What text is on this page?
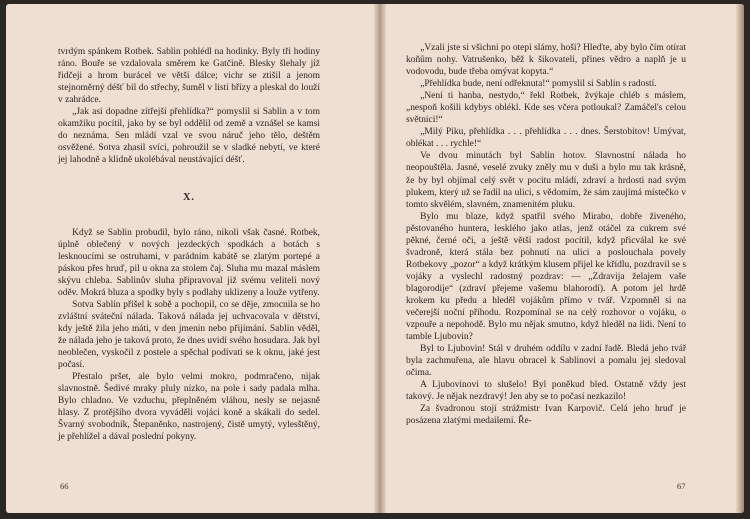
tvrdým spánkem Rotbek. Sablin pohlédl na hodinky. Byly tři hodiny ráno. Bouře se vzdalovala směrem ke Gatčině. Blesky šlehaly již řidčeji a hrom burácel ve větší dálce; vichr se ztišil a jenom stejnoměrný déšť bil do střechy, šuměl v listí břízy a pleskal do louží v zahrádce.

„Jak asi dopadne zítřejší přehlídka?“ pomyslil si Sablin a v tom okamžiku pocítil, jako by se byl oddělil od země a vznášel se kamsi do neznáma. Sen mládí vzal ve svou náruč jeho tělo, deštěm osvěžené. Sotva zhasil svíci, pohroužil se v sladké nebytí, ve které jej lahodně a klidně ukolébával neustávající déšť.

X.

Když se Sablin probudil, bylo ráno, nikoli však časné. Rotbek, úplně oblečený v nových jezdeckých spodkách a botách s lesknoucími se ostruhami, v parádním kabátě se zlatým portepé a páskou přes hruď, pil u okna za stolem čaj. Sluha mu mazal máslem skývu chleba. Sablinův sluha připravoval již svému veliteli nový oděv. Mokrá bluza a spodky byly s podlahy uklizeny a louže vytřeny.

Sotva Sablin přišel k sobě a pochopil, co se děje, zmocnila se ho zvláštní sváteční nálada. Taková nálada jej uchvacovala v dětství, kdy ještě žila jeho máti, v den jmenin nebo přijímání. Sablin věděl, že nálada jeho je taková proto, že dnes uvidí svého hosudara. Jak byl neoblečen, vyskočil z postele a spěchal podívati se k oknu, jaké jest počasí.

Přestalo pršet, ale bylo velmi mokro, podmračeno, nijak slavnostně. Šedivé mraky pluly nízko, na pole i sady padala mlha. Bylo chladno. Ve vzduchu, přeplněném vláhou, nesly se nejasně hlasy. Z protějšího dvora vyváděli vojáci koně a skákali do sedel. Švarný svobodník, Štepaněnko, nastrojený, čistě umytý, vylesštěný, je přehlížel a dával poslední pokyny.

66

„Vzali jste si všichni po otepi slámy, hoši? Hleďte, aby bylo čím otírat koňům nohy. Vatrušenko, běž k šikovateli, přines vědro a naplň je u vodovodu, bude třeba omývat kopyta.“

„Přehlídka bude, není odřeknuta!“ pomyslil si Sablin s radostí.

„Není ti hanba, nestydo,“ řekl Rotbek, žvýkaje chléb s máslem, „nespoň košili kdybys oblékl. Kde ses včera potloukal? Zamáčel's celou světnici!“

„Milý Piku, přehlídka . . . přehlídka . . . dnes. Šerstobitov! Umývat, oblékat . . . rychle!“

Ve dvou minutách byl Sablin hotov. Slavnostní nálada ho neopouštěla. Jasné, veselé zvuky zněly mu v duši a bylo mu tak krásně, že by byl objímal celý svět v pocitu mládí, zdraví a hrdosti nad svým plukem, který už se řadil na ulici, s vědomím, že sám zaujímá místečko v tomto skvělém, slavném, znamenitém pluku.

Bylo mu blaze, když spatřil svého Mirabo, dobře živeného, pěstovaného huntera, lesklého jako atlas, jenž otáčel za cukrem své pěkné, černé oči, a ještě větší radost pocítil, když přicválal ke své švadroně, která stála bez pohnutí na ulici a poslouchala povely Rotbekovy „pozor“ a když krátkým klusem přijel ke křídlu, pozdravil se s vojáky a vyslechl radostný pozdrav: — „Zdravija želajem vaše blagorodije“ (zdraví přejeme vašemu blahorodí). A potom jel hrdě krokem ku předu a hleděl vojákům přímo v tvář. Vzpomněl si na večerejší noční příhodu. Rozpomínal se na celý rozhovor o vojáku, o vzpouře a nepohodě. Bylo mu nějak smutno, když hleděl na lidi. Není to tamble Ljubovin?

Byl to Ljubovin! Stál v druhém oddílu v zadní řadě. Bledá jeho tvář byla zachmuřena, ale hlavu obracel k Sablinovi a pomalu jej sledoval očima.

A Ljubovinovi to slušelo! Byl poněkud bled. Ostatně vždy jest takový. Je nějak nezdravý! Jen aby se to počasí nezkazilo!

Za švadronou stojí strážmistr Ivan Karpovič. Celá jeho hruď je posázena zlatými medailemi. Ře-

67
